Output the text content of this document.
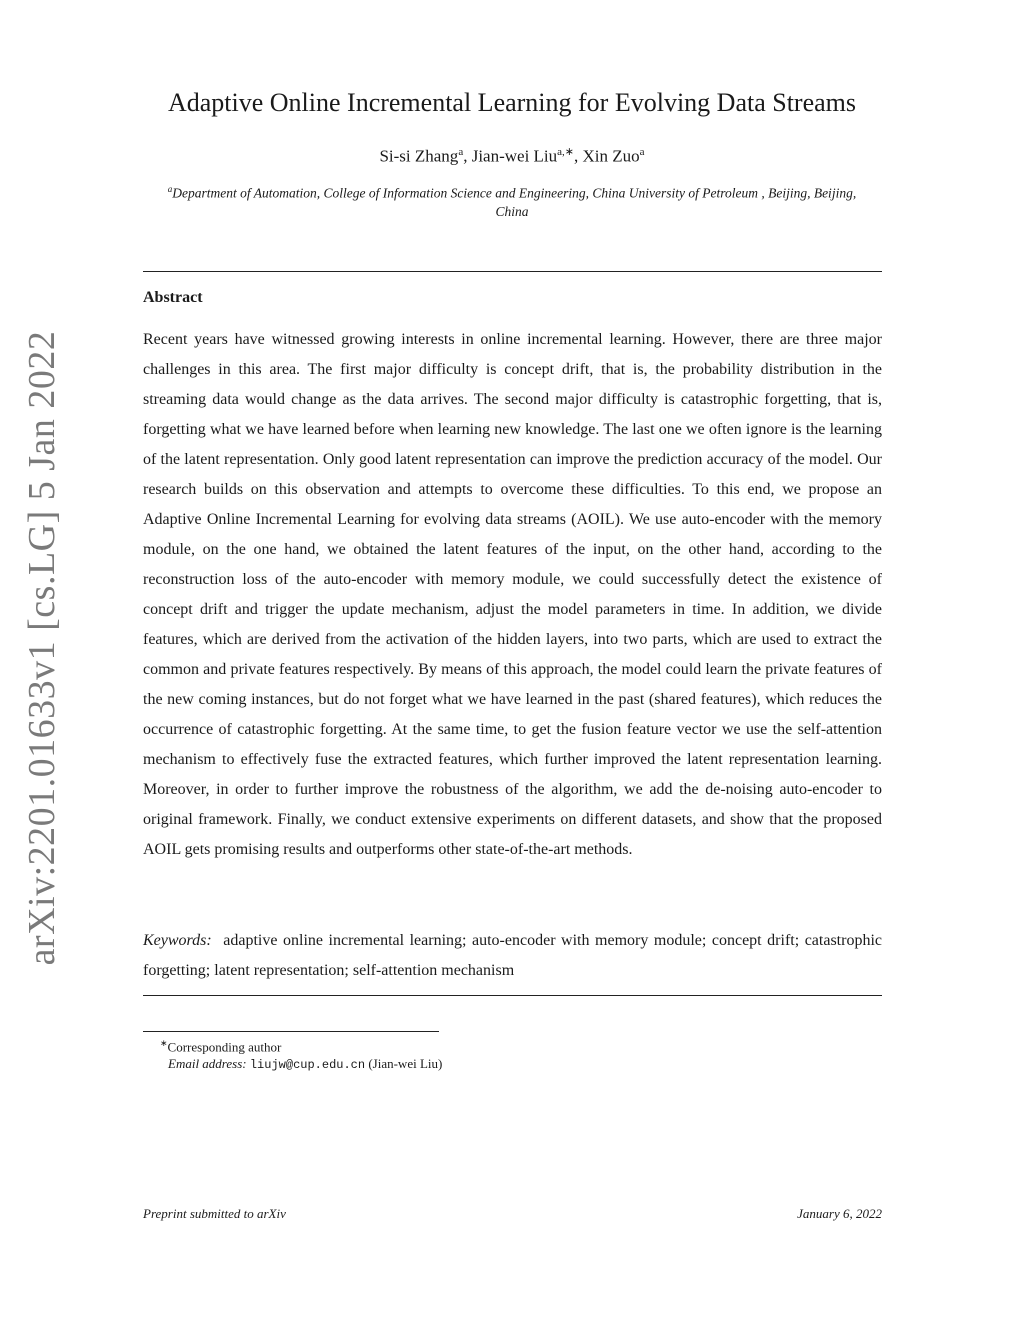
arXiv:2201.01633v1 [cs.LG] 5 Jan 2022
Adaptive Online Incremental Learning for Evolving Data Streams
Si-si Zhang$^a$, Jian-wei Liu$^{a,∗}$, Xin Zuo$^a$
$^a$Department of Automation, College of Information Science and Engineering, China University of Petroleum , Beijing, Beijing, China
Abstract

Recent years have witnessed growing interests in online incremental learning. However, there are three major challenges in this area. The first major difficulty is concept drift, that is, the probability distribution in the streaming data would change as the data arrives. The second major difficulty is catastrophic forgetting, that is, forgetting what we have learned before when learning new knowledge. The last one we often ignore is the learning of the latent representation. Only good latent representation can improve the prediction accuracy of the model. Our research builds on this observation and attempts to overcome these difficulties. To this end, we propose an Adaptive Online Incremental Learning for evolving data streams (AOIL). We use auto-encoder with the memory module, on the one hand, we obtained the latent features of the input, on the other hand, according to the reconstruction loss of the auto-encoder with memory module, we could successfully detect the existence of concept drift and trigger the update mechanism, adjust the model parameters in time. In addition, we divide features, which are derived from the activation of the hidden layers, into two parts, which are used to extract the common and private features respectively. By means of this approach, the model could learn the private features of the new coming instances, but do not forget what we have learned in the past (shared features), which reduces the occurrence of catastrophic forgetting. At the same time, to get the fusion feature vector we use the self-attention mechanism to effectively fuse the extracted features, which further improved the latent representation learning. Moreover, in order to further improve the robustness of the algorithm, we add the de-noising auto-encoder to original framework. Finally, we conduct extensive experiments on different datasets, and show that the proposed AOIL gets promising results and outperforms other state-of-the-art methods.

Keywords: adaptive online incremental learning; auto-encoder with memory module; concept drift; catastrophic forgetting; latent representation; self-attention mechanism

∗Corresponding author
Email address: liujw@cup.edu.cn (Jian-wei Liu)
Preprint submitted to arXiv	January 6, 2022
